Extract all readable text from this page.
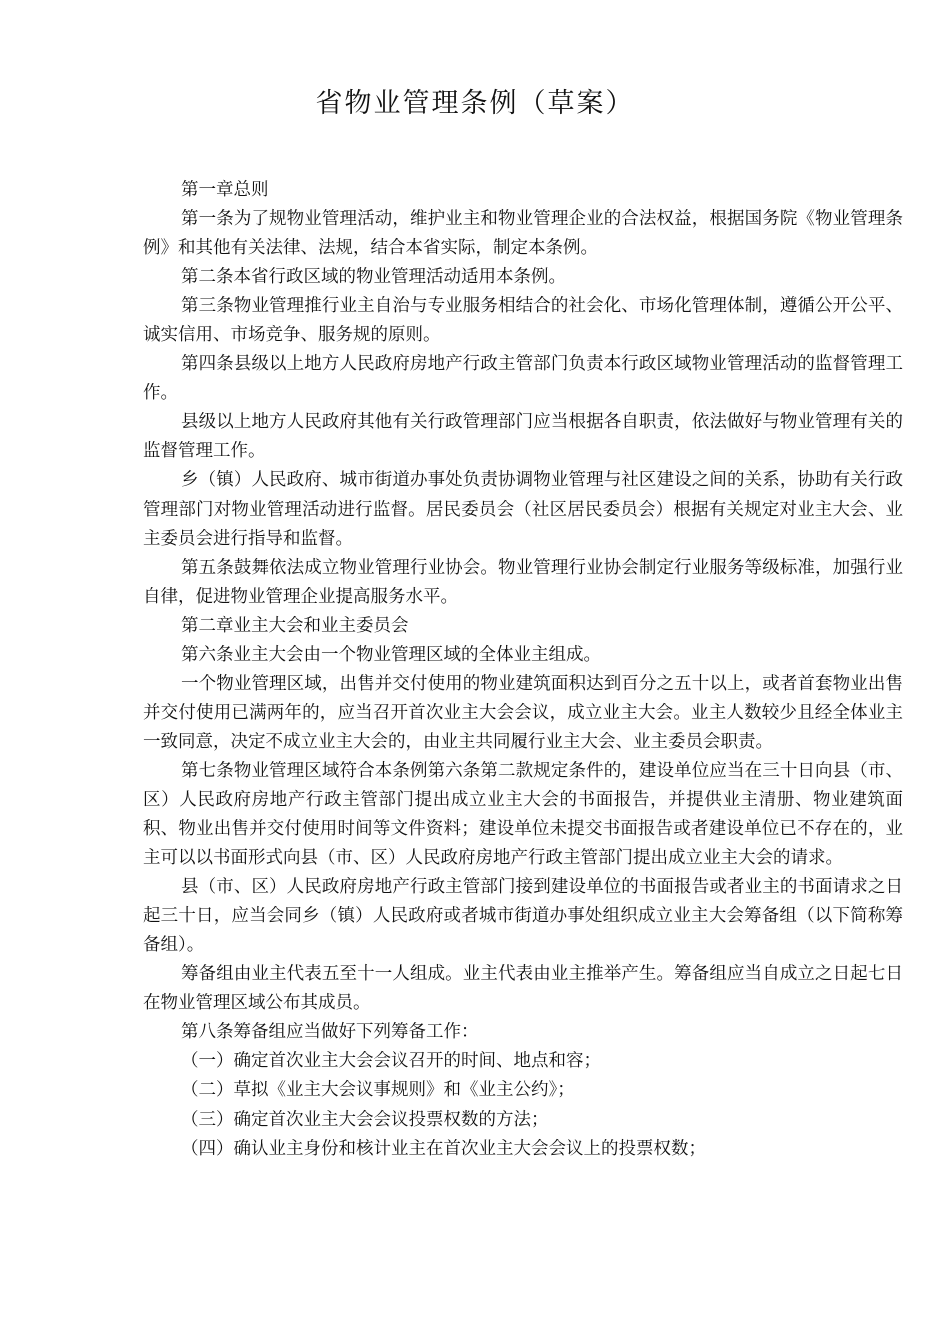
省物业管理条例（草案）

第一章总则

第一条为了规物业管理活动，维护业主和物业管理企业的合法权益，根据国务院《物业管理条例》和其他有关法律、法规，结合本省实际，制定本条例。

第二条本省行政区域的物业管理活动适用本条例。

第三条物业管理推行业主自治与专业服务相结合的社会化、市场化管理体制，遵循公开公平、诚实信用、市场竞争、服务规的原则。

第四条县级以上地方人民政府房地产行政主管部门负责本行政区域物业管理活动的监督管理工作。

县级以上地方人民政府其他有关行政管理部门应当根据各自职责，依法做好与物业管理有关的监督管理工作。

乡（镇）人民政府、城市街道办事处负责协调物业管理与社区建设之间的关系，协助有关行政管理部门对物业管理活动进行监督。居民委员会（社区居民委员会）根据有关规定对业主大会、业主委员会进行指导和监督。

第五条鼓舞依法成立物业管理行业协会。物业管理行业协会制定行业服务等级标准，加强行业自律，促进物业管理企业提高服务水平。

第二章业主大会和业主委员会

第六条业主大会由一个物业管理区域的全体业主组成。

一个物业管理区域，出售并交付使用的物业建筑面积达到百分之五十以上，或者首套物业出售并交付使用已满两年的，应当召开首次业主大会会议，成立业主大会。业主人数较少且经全体业主一致同意，决定不成立业主大会的，由业主共同履行业主大会、业主委员会职责。

第七条物业管理区域符合本条例第六条第二款规定条件的，建设单位应当在三十日向县（市、区）人民政府房地产行政主管部门提出成立业主大会的书面报告，并提供业主清册、物业建筑面积、物业出售并交付使用时间等文件资料；建设单位未提交书面报告或者建设单位已不存在的，业主可以以书面形式向县（市、区）人民政府房地产行政主管部门提出成立业主大会的请求。

县（市、区）人民政府房地产行政主管部门接到建设单位的书面报告或者业主的书面请求之日起三十日，应当会同乡（镇）人民政府或者城市街道办事处组织成立业主大会筹备组（以下简称筹备组）。

筹备组由业主代表五至十一人组成。业主代表由业主推举产生。筹备组应当自成立之日起七日在物业管理区域公布其成员。

第八条筹备组应当做好下列筹备工作：

（一）确定首次业主大会会议召开的时间、地点和容；

（二）草拟《业主大会议事规则》和《业主公约》；

（三）确定首次业主大会会议投票权数的方法；

（四）确认业主身份和核计业主在首次业主大会会议上的投票权数；
